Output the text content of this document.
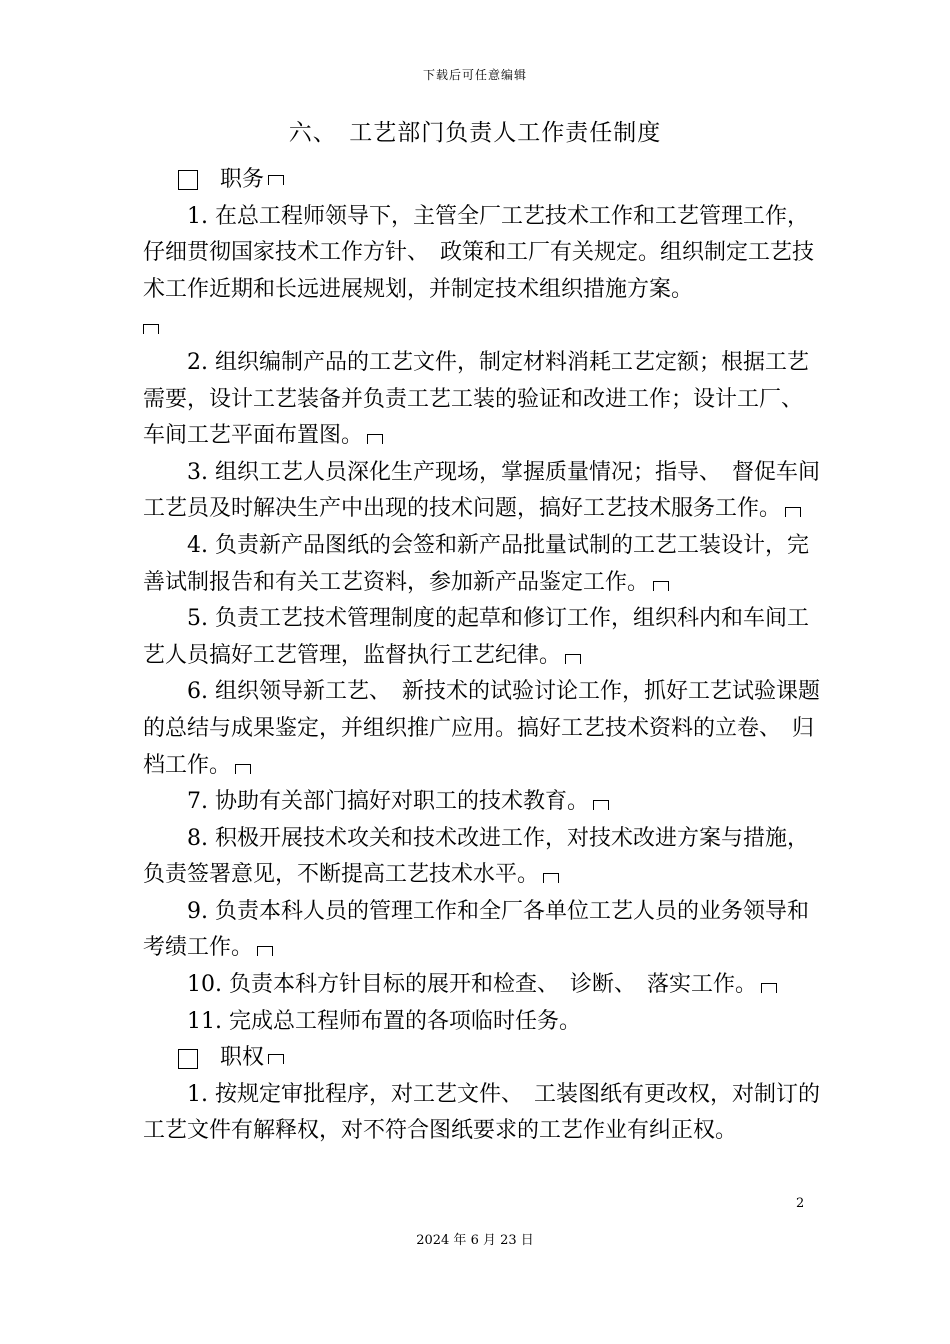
下载后可任意编辑
六、　工艺部门负责人工作责任制度
职务

1. 在总工程师领导下，主管全厂工艺技术工作和工艺管理工作，仔细贯彻国家技术工作方针、　政策和工厂有关规定。组织制定工艺技术工作近期和长远进展规划，并制定技术组织措施方案。

2. 组织编制产品的工艺文件，制定材料消耗工艺定额；根据工艺需要，设计工艺装备并负责工艺工装的验证和改进工作；设计工厂、　车间工艺平面布置图。

3. 组织工艺人员深化生产现场，掌握质量情况；指导、　督促车间工艺员及时解决生产中出现的技术问题，搞好工艺技术服务工作。

4. 负责新产品图纸的会签和新产品批量试制的工艺工装设计，完善试制报告和有关工艺资料，参加新产品鉴定工作。

5. 负责工艺技术管理制度的起草和修订工作，组织科内和车间工艺人员搞好工艺管理，监督执行工艺纪律。

6. 组织领导新工艺、　新技术的试验讨论工作，抓好工艺试验课题的总结与成果鉴定，并组织推广应用。搞好工艺技术资料的立卷、　归档工作。

7. 协助有关部门搞好对职工的技术教育。

8. 积极开展技术攻关和技术改进工作，对技术改进方案与措施，负责签署意见，不断提高工艺技术水平。

9. 负责本科人员的管理工作和全厂各单位工艺人员的业务领导和考绩工作。

10. 负责本科方针目标的展开和检查、　诊断、　落实工作。

11. 完成总工程师布置的各项临时任务。

职权

1. 按规定审批程序，对工艺文件、　工装图纸有更改权，对制订的工艺文件有解释权，对不符合图纸要求的工艺作业有纠正权。

2
2024 年 6 月 23 日
